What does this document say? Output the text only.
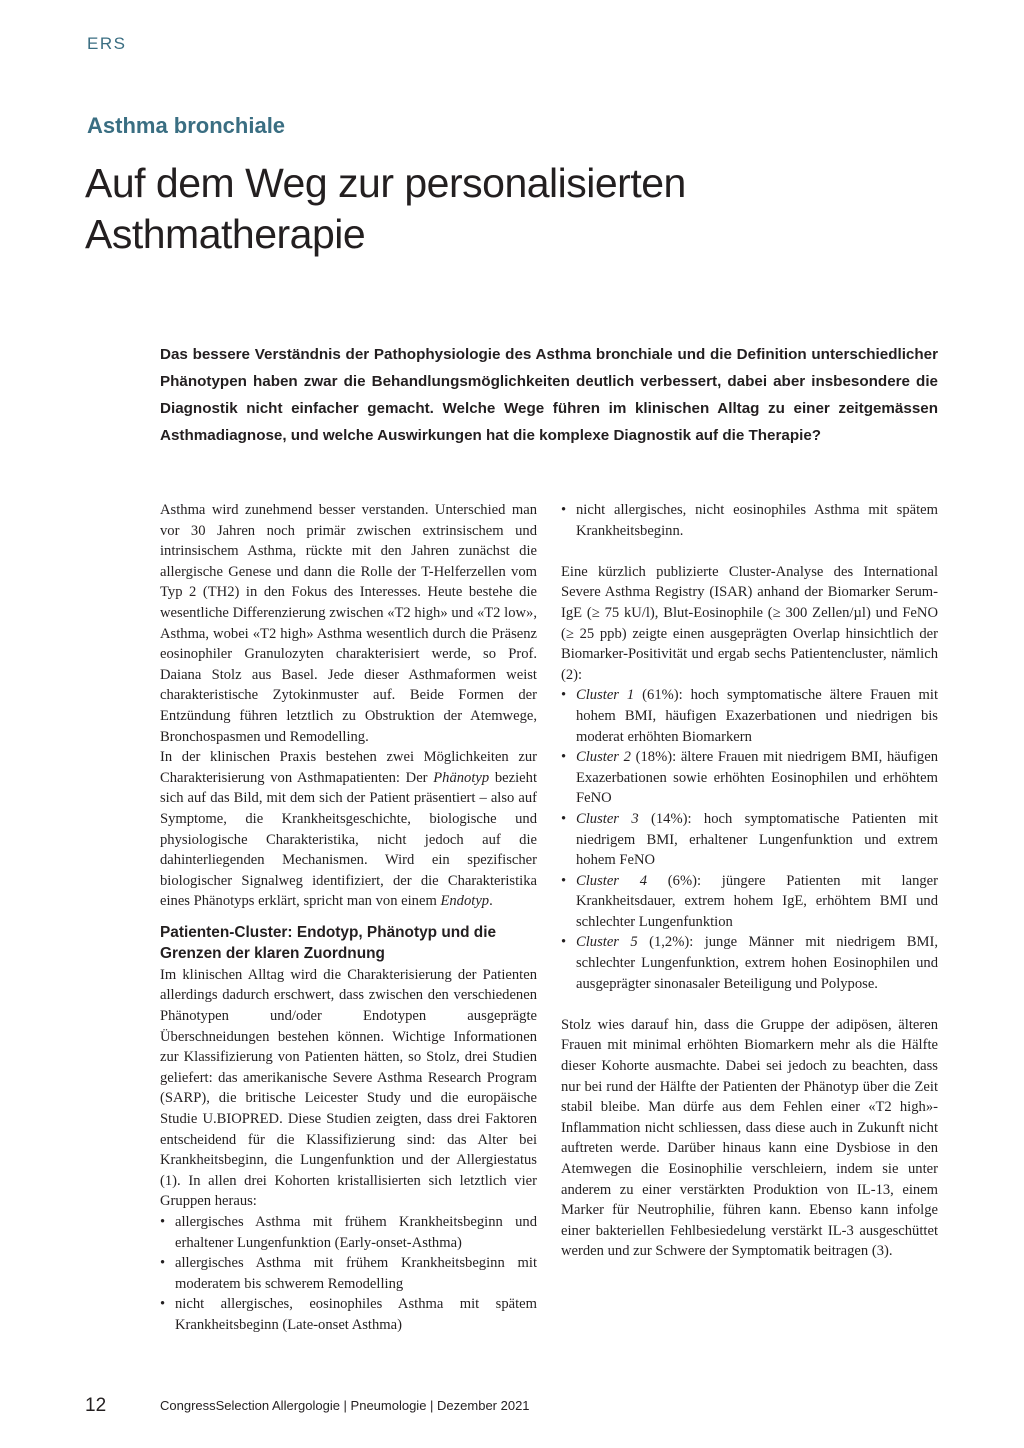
ERS
Asthma bronchiale
Auf dem Weg zur personalisierten Asthmatherapie

Das bessere Verständnis der Pathophysiologie des Asthma bronchiale und die Definition unterschiedlicher Phänotypen haben zwar die Behandlungsmöglichkeiten deutlich verbessert, dabei aber insbesondere die Diagnostik nicht einfacher gemacht. Welche Wege führen im klinischen Alltag zu einer zeitgemässen Asthmadiagnose, und welche Auswirkungen hat die komplexe Diagnostik auf die Therapie?

Asthma wird zunehmend besser verstanden. Unterschied man vor 30 Jahren noch primär zwischen extrinsischem und intrinsischem Asthma, rückte mit den Jahren zunächst die allergische Genese und dann die Rolle der T-Helferzellen vom Typ 2 (TH2) in den Fokus des Interesses. Heute bestehe die wesentliche Differenzierung zwischen «T2 high» und «T2 low», Asthma, wobei «T2 high» Asthma wesentlich durch die Präsenz eosinophiler Granulozyten charakterisiert werde, so Prof. Daiana Stolz aus Basel. Jede dieser Asthmaformen weist charakteristische Zytokinmuster auf. Beide Formen der Entzündung führen letztlich zu Obstruktion der Atemwege, Bronchospasmen und Remodelling.

In der klinischen Praxis bestehen zwei Möglichkeiten zur Charakterisierung von Asthmapatienten: Der Phänotyp bezieht sich auf das Bild, mit dem sich der Patient präsentiert – also auf Symptome, die Krankheitsgeschichte, biologische und physiologische Charakteristika, nicht jedoch auf die dahinterliegenden Mechanismen. Wird ein spezifischer biologischer Signalweg identifiziert, der die Charakteristika eines Phänotyps erklärt, spricht man von einem Endotyp.

Patienten-Cluster: Endotyp, Phänotyp und die Grenzen der klaren Zuordnung

Im klinischen Alltag wird die Charakterisierung der Patienten allerdings dadurch erschwert, dass zwischen den verschiedenen Phänotypen und/oder Endotypen ausgeprägte Überschneidungen bestehen können. Wichtige Informationen zur Klassifizierung von Patienten hätten, so Stolz, drei Studien geliefert: das amerikanische Severe Asthma Research Program (SARP), die britische Leicester Study und die europäische Studie U.BIOPRED. Diese Studien zeigten, dass drei Faktoren entscheidend für die Klassifizierung sind: das Alter bei Krankheitsbeginn, die Lungenfunktion und der Allergiestatus (1). In allen drei Kohorten kristallisierten sich letztlich vier Gruppen heraus:

• allergisches Asthma mit frühem Krankheitsbeginn und erhaltener Lungenfunktion (Early-onset-Asthma)
• allergisches Asthma mit frühem Krankheitsbeginn mit moderatem bis schwerem Remodelling
• nicht allergisches, eosinophiles Asthma mit spätem Krankheitsbeginn (Late-onset Asthma)
• nicht allergisches, nicht eosinophiles Asthma mit spätem Krankheitsbeginn.

Eine kürzlich publizierte Cluster-Analyse des International Severe Asthma Registry (ISAR) anhand der Biomarker Serum-IgE (≥ 75 kU/l), Blut-Eosinophile (≥ 300 Zellen/µl) und FeNO (≥ 25 ppb) zeigte einen ausgeprägten Overlap hinsichtlich der Biomarker-Positivität und ergab sechs Patientencluster, nämlich (2):

• Cluster 1 (61%): hoch symptomatische ältere Frauen mit hohem BMI, häufigen Exazerbationen und niedrigen bis moderat erhöhten Biomarkern
• Cluster 2 (18%): ältere Frauen mit niedrigem BMI, häufigen Exazerbationen sowie erhöhten Eosinophilen und erhöhtem FeNO
• Cluster 3 (14%): hoch symptomatische Patienten mit niedrigem BMI, erhaltener Lungenfunktion und extrem hohem FeNO
• Cluster 4 (6%): jüngere Patienten mit langer Krankheitsdauer, extrem hohem IgE, erhöhtem BMI und schlechter Lungenfunktion
• Cluster 5 (1,2%): junge Männer mit niedrigem BMI, schlechter Lungenfunktion, extrem hohen Eosinophilen und ausgeprägter sinonasaler Beteiligung und Polypose.

Stolz wies darauf hin, dass die Gruppe der adipösen, älteren Frauen mit minimal erhöhten Biomarkern mehr als die Hälfte dieser Kohorte ausmachte. Dabei sei jedoch zu beachten, dass nur bei rund der Hälfte der Patienten der Phänotyp über die Zeit stabil bleibe. Man dürfe aus dem Fehlen einer «T2 high»-Inflammation nicht schliessen, dass diese auch in Zukunft nicht auftreten werde. Darüber hinaus kann eine Dysbiose in den Atemwegen die Eosinophilie verschleiern, indem sie unter anderem zu einer verstärkten Produktion von IL-13, einem Marker für Neutrophilie, führen kann. Ebenso kann infolge einer bakteriellen Fehlbesiedelung verstärkt IL-3 ausgeschüttet werden und zur Schwere der Symptomatik beitragen (3).

12	CongressSelection Allergologie | Pneumologie | Dezember 2021
